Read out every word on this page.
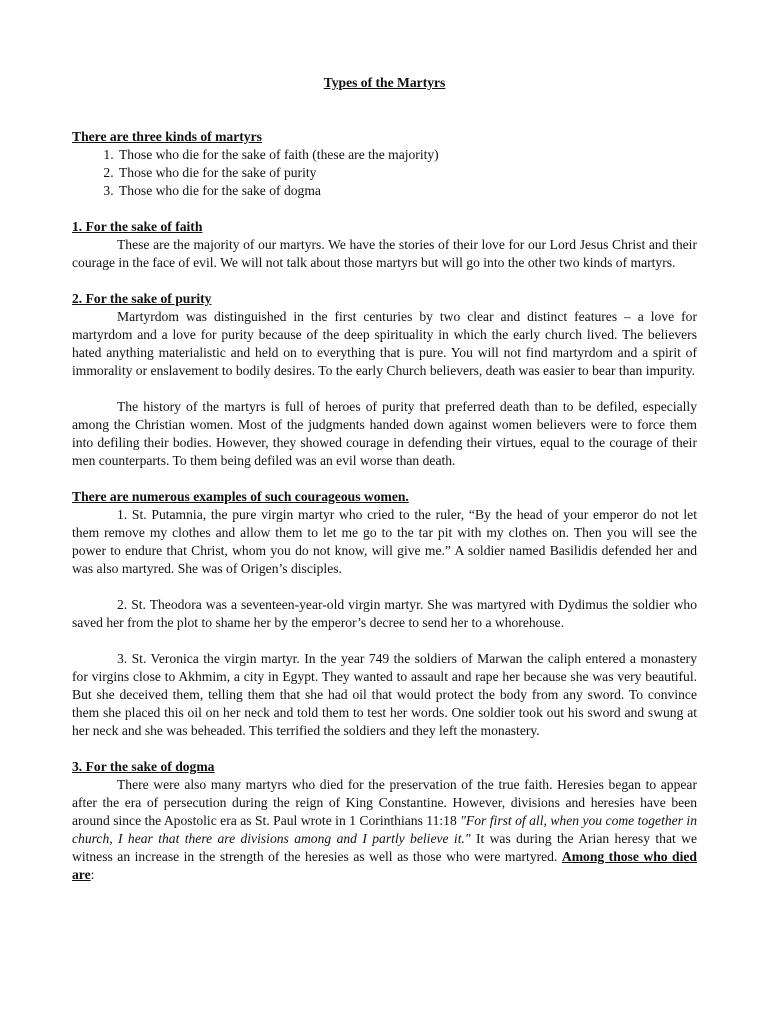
Types of the Martyrs

There are three kinds of martyrs

1. Those who die for the sake of faith (these are the majority)
2. Those who die for the sake of purity
3. Those who die for the sake of dogma

1. For the sake of faith

These are the majority of our martyrs. We have the stories of their love for our Lord Jesus Christ and their courage in the face of evil. We will not talk about those martyrs but will go into the other two kinds of martyrs.

2. For the sake of purity

Martyrdom was distinguished in the first centuries by two clear and distinct features – a love for martyrdom and a love for purity because of the deep spirituality in which the early church lived. The believers hated anything materialistic and held on to everything that is pure. You will not find martyrdom and a spirit of immorality or enslavement to bodily desires. To the early Church believers, death was easier to bear than impurity.

The history of the martyrs is full of heroes of purity that preferred death than to be defiled, especially among the Christian women. Most of the judgments handed down against women believers were to force them into defiling their bodies. However, they showed courage in defending their virtues, equal to the courage of their men counterparts. To them being defiled was an evil worse than death.

There are numerous examples of such courageous women.

1. St. Putamnia, the pure virgin martyr who cried to the ruler, “By the head of your emperor do not let them remove my clothes and allow them to let me go to the tar pit with my clothes on. Then you will see the power to endure that Christ, whom you do not know, will give me.” A soldier named Basilidis defended her and was also martyred. She was of Origen’s disciples.

2. St. Theodora was a seventeen-year-old virgin martyr. She was martyred with Dydimus the soldier who saved her from the plot to shame her by the emperor’s decree to send her to a whorehouse.

3. St. Veronica the virgin martyr. In the year 749 the soldiers of Marwan the caliph entered a monastery for virgins close to Akhmim, a city in Egypt. They wanted to assault and rape her because she was very beautiful. But she deceived them, telling them that she had oil that would protect the body from any sword. To convince them she placed this oil on her neck and told them to test her words. One soldier took out his sword and swung at her neck and she was beheaded. This terrified the soldiers and they left the monastery.

3. For the sake of dogma

There were also many martyrs who died for the preservation of the true faith. Heresies began to appear after the era of persecution during the reign of King Constantine. However, divisions and heresies have been around since the Apostolic era as St. Paul wrote in 1 Corinthians 11:18 "For first of all, when you come together in church, I hear that there are divisions among and I partly believe it." It was during the Arian heresy that we witness an increase in the strength of the heresies as well as those who were martyred. Among those who died are:
